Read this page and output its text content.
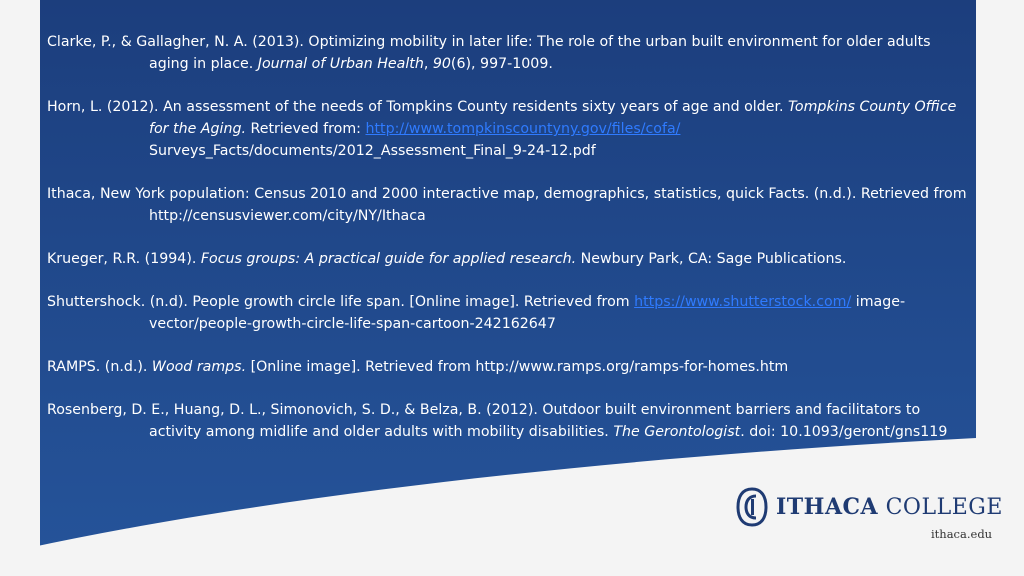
Clarke, P., & Gallagher, N. A. (2013). Optimizing mobility in later life: The role of the urban built environment for older adults aging in place. Journal of Urban Health, 90(6), 997-1009.

Horn, L. (2012). An assessment of the needs of Tompkins County residents sixty years of age and older. Tompkins County Office for the Aging. Retrieved from: http://www.tompkinscountyny.gov/files/cofa/ Surveys_Facts/documents/2012_Assessment_Final_9-24-12.pdf

Ithaca, New York population: Census 2010 and 2000 interactive map, demographics, statistics, quick Facts. (n.d.). Retrieved from http://censusviewer.com/city/NY/Ithaca

Krueger, R.R. (1994). Focus groups: A practical guide for applied research. Newbury Park, CA: Sage Publications.

Shuttershock. (n.d). People growth circle life span. [Online image]. Retrieved from https://www.shutterstock.com/ image-vector/people-growth-circle-life-span-cartoon-242162647

RAMPS. (n.d.). Wood ramps. [Online image]. Retrieved from http://www.ramps.org/ramps-for-homes.htm

Rosenberg, D. E., Huang, D. L., Simonovich, S. D., & Belza, B. (2012). Outdoor built environment barriers and facilitators to activity among midlife and older adults with mobility disabilities. The Gerontologist. doi: 10.1093/geront/gns119

ITHACA COLLEGE
ithaca.edu
